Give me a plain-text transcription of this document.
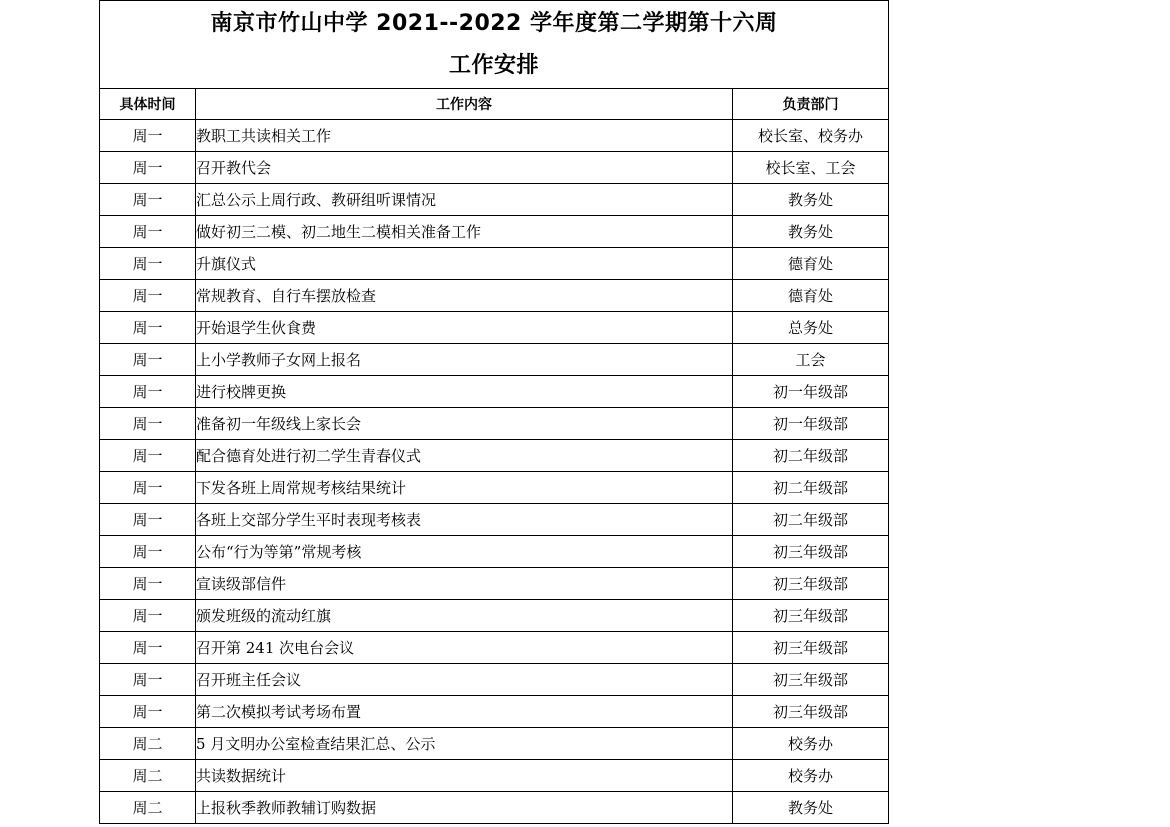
南京市竹山中学 2021--2022 学年度第二学期第十六周
工作安排		

具体时间	工作内容	负责部门
周一	教职工共读相关工作	校长室、校务办
周一	召开教代会	校长室、工会
周一	汇总公示上周行政、教研组听课情况	教务处
周一	做好初三二模、初二地生二模相关准备工作	教务处
周一	升旗仪式	德育处
周一	常规教育、自行车摆放检查	德育处
周一	开始退学生伙食费	总务处
周一	上小学教师子女网上报名	工会
周一	进行校牌更换	初一年级部
周一	准备初一年级线上家长会	初一年级部
周一	配合德育处进行初二学生青春仪式	初二年级部
周一	下发各班上周常规考核结果统计	初二年级部
周一	各班上交部分学生平时表现考核表	初二年级部
周一	公布“行为等第”常规考核	初三年级部
周一	宣读级部信件	初三年级部
周一	颁发班级的流动红旗	初三年级部
周一	召开第 241 次电台会议	初三年级部
周一	召开班主任会议	初三年级部
周一	第二次模拟考试考场布置	初三年级部
周二	5 月文明办公室检查结果汇总、公示	校务办
周二	共读数据统计	校务办
周二	上报秋季教师教辅订购数据	教务处
